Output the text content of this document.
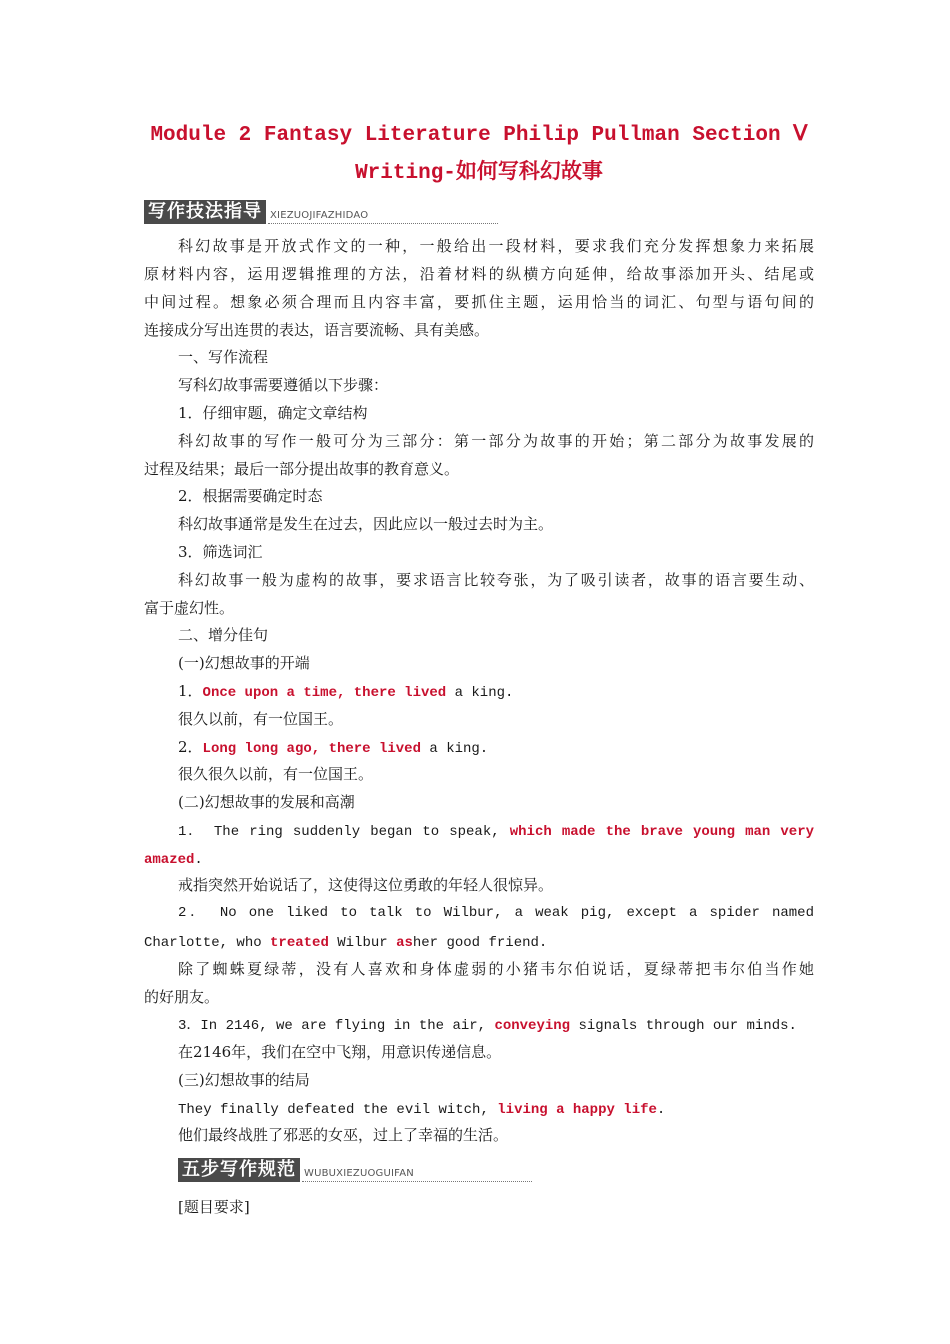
Module 2 Fantasy Literature Philip Pullman Section Ⅴ
Writing-如何写科幻故事
写作技法指导 XIEZUOJIFAZHIDAO
科幻故事是开放式作文的一种，一般给出一段材料，要求我们充分发挥想象力来拓展
原材料内容，运用逻辑推理的方法，沿着材料的纵横方向延伸，给故事添加开头、结尾或
中间过程。想象必须合理而且内容丰富，要抓住主题，运用恰当的词汇、句型与语句间的
连接成分写出连贯的表达，语言要流畅、具有美感。
一、写作流程
写科幻故事需要遵循以下步骤：
1．仔细审题，确定文章结构
科幻故事的写作一般可分为三部分：第一部分为故事的开始；第二部分为故事发展的
过程及结果；最后一部分提出故事的教育意义。
2．根据需要确定时态
科幻故事通常是发生在过去，因此应以一般过去时为主。
3．筛选词汇
科幻故事一般为虚构的故事，要求语言比较夸张，为了吸引读者，故事的语言要生动、
富于虚幻性。
二、增分佳句
(一)幻想故事的开端
1．Once upon a time, there lived a king.
很久以前，有一位国王。
2．Long long ago, there lived a king.
很久很久以前，有一位国王。
(二)幻想故事的发展和高潮
1． The ring suddenly began to speak, which made the brave young man very
amazed.
戒指突然开始说话了，这使得这位勇敢的年轻人很惊异。
2． No one liked to talk to Wilbur, a weak pig, except a spider named
Charlotte, who treated Wilbur asher good friend.
除了蜘蛛夏绿蒂，没有人喜欢和身体虚弱的小猪韦尔伯说话，夏绿蒂把韦尔伯当作她
的好朋友。
3．In 2146, we are flying in the air, conveying signals through our minds.
在2146年，我们在空中飞翔，用意识传递信息。
(三)幻想故事的结局
They finally defeated the evil witch, living a happy life.
他们最终战胜了邪恶的女巫，过上了幸福的生活。
五步写作规范 WUBUXIEZUOGUIFAN
[题目要求]
